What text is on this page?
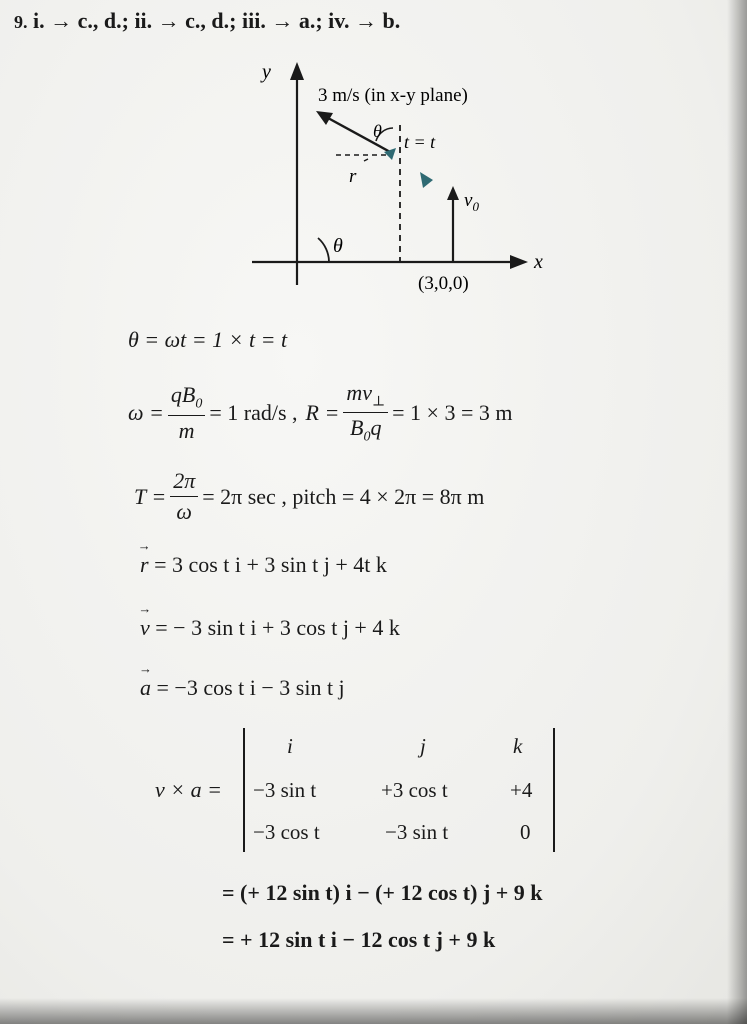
9. i. → c., d.; ii. → c., d.; iii. → a.; iv. → b.
x
y
θ
3 m/s (in x-y plane)
θ
t = t
r
$v_0$
(3,0,0)
θ = ωt = 1 × t = t
$\omega = \frac{qB_0}{m} = 1$ rad/s , $R = \frac{mv_\perp}{B_0q} = 1 \times 3 = 3$ m
$T = \frac{2\pi}{\omega} = 2\pi$ sec , pitch = 4 × 2π = 8π m
→ r = 3 cos t i + 3 sin t j + 4t k
→ v = − 3 sin t i + 3 cos t j + 4 k
→ a = −3 cos t i − 3 sin t j
v × a =
i	j	k
−3 sin t	+3 cos t	+4
−3 cos t	−3 sin t	0
= (+ 12 sin t) i − (+ 12 cos t) j + 9 k
= + 12 sin t i − 12 cos t j + 9 k
